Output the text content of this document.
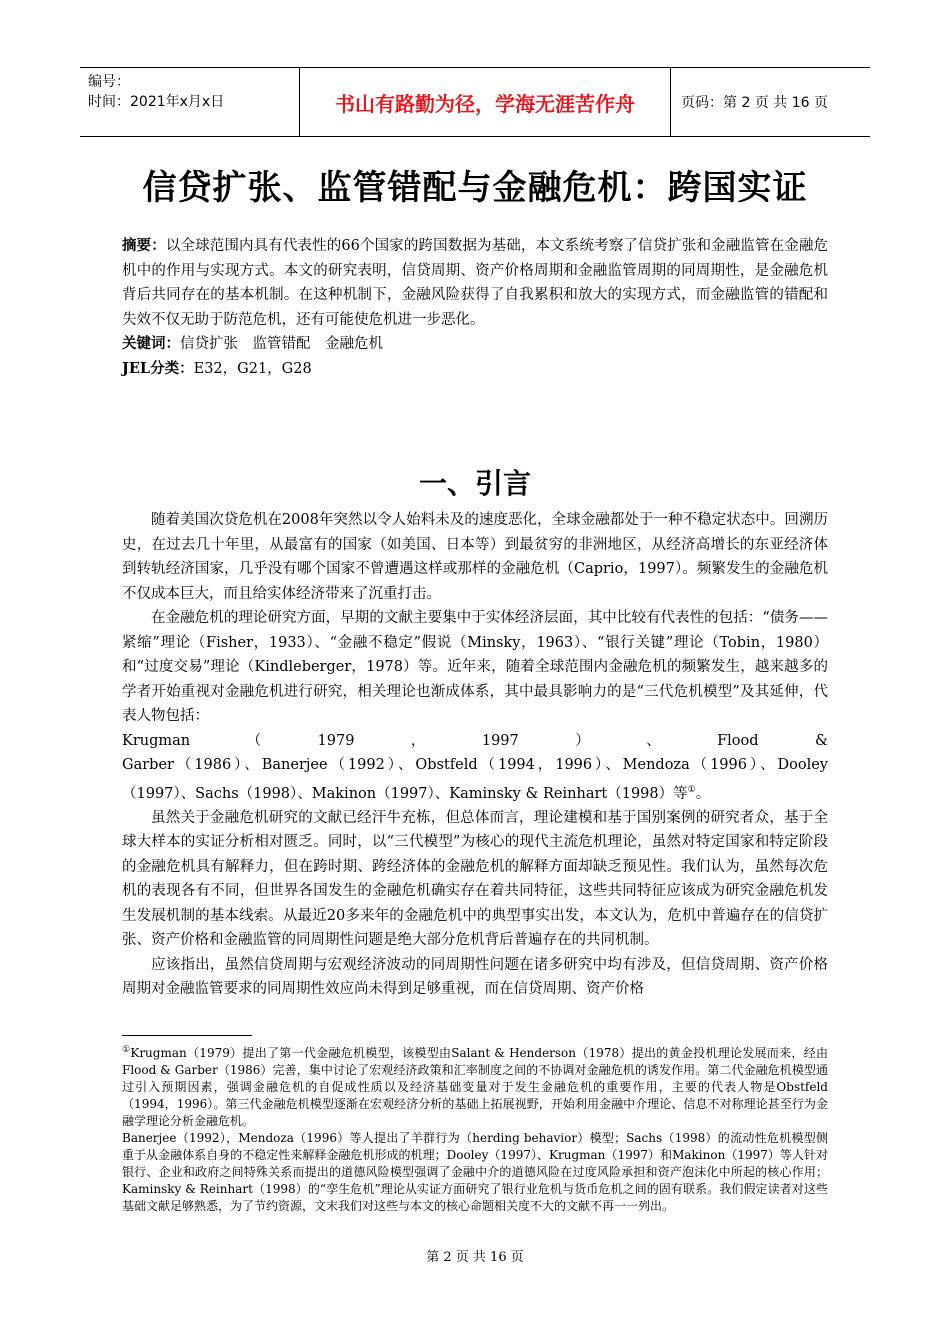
编号：
时间：2021年x月x日	书山有路勤为径，学海无涯苦作舟	页码：第 2 页 共 16 页
信贷扩张、监管错配与金融危机：跨国实证

摘要：以全球范围内具有代表性的66个国家的跨国数据为基础，本文系统考察了信贷扩张和金融监管在金融危机中的作用与实现方式。本文的研究表明，信贷周期、资产价格周期和金融监管周期的同周期性，是金融危机背后共同存在的基本机制。在这种机制下，金融风险获得了自我累积和放大的实现方式，而金融监管的错配和失效不仅无助于防范危机，还有可能使危机进一步恶化。

关键词：信贷扩张　监管错配　金融危机

JEL分类：E32，G21，G28

一、引言

随着美国次贷危机在2008年突然以令人始料未及的速度恶化，全球金融都处于一种不稳定状态中。回溯历史，在过去几十年里，从最富有的国家（如美国、日本等）到最贫穷的非洲地区，从经济高增长的东亚经济体到转轨经济国家，几乎没有哪个国家不曾遭遇这样或那样的金融危机（Caprio，1997）。频繁发生的金融危机不仅成本巨大，而且给实体经济带来了沉重打击。

在金融危机的理论研究方面，早期的文献主要集中于实体经济层面，其中比较有代表性的包括：“债务——紧缩”理论（Fisher，1933）、“金融不稳定”假说（Minsky，1963）、“银行关键”理论（Tobin，1980）和“过度交易”理论（Kindleberger，1978）等。近年来，随着全球范围内金融危机的频繁发生，越来越多的学者开始重视对金融危机进行研究，相关理论也渐成体系，其中最具影响力的是“三代危机模型”及其延伸，代表人物包括：

Krugman	（	1979	，	1997	）	、	Flood	&

Garber（1986）、Banerjee（1992）、Obstfeld（1994，1996）、Mendoza（1996）、Dooley（1997）、Sachs（1998）、Makinon（1997）、Kaminsky & Reinhart（1998）等①。

虽然关于金融危机研究的文献已经汗牛充栋，但总体而言，理论建模和基于国别案例的研究者众，基于全球大样本的实证分析相对匮乏。同时，以“三代模型”为核心的现代主流危机理论，虽然对特定国家和特定阶段的金融危机具有解释力，但在跨时期、跨经济体的金融危机的解释方面却缺乏预见性。我们认为，虽然每次危机的表现各有不同，但世界各国发生的金融危机确实存在着共同特征，这些共同特征应该成为研究金融危机发生发展机制的基本线索。从最近20多来年的金融危机中的典型事实出发，本文认为，危机中普遍存在的信贷扩张、资产价格和金融监管的同周期性问题是绝大部分危机背后普遍存在的共同机制。

应该指出，虽然信贷周期与宏观经济波动的同周期性问题在诸多研究中均有涉及，但信贷周期、资产价格周期对金融监管要求的同周期性效应尚未得到足够重视，而在信贷周期、资产价格

①Krugman（1979）提出了第一代金融危机模型，该模型由Salant & Henderson（1978）提出的黄金投机理论发展而来，经由Flood & Garber（1986）完善，集中讨论了宏观经济政策和汇率制度之间的不协调对金融危机的诱发作用。第二代金融危机模型通过引入预期因素，强调金融危机的自促成性质以及经济基础变量对于发生金融危机的重要作用，主要的代表人物是Obstfeld（1994，1996）。第三代金融危机模型逐渐在宏观经济分析的基础上拓展视野，开始利用金融中介理论、信息不对称理论甚至行为金融学理论分析金融危机。

Banerjee（1992），Mendoza（1996）等人提出了羊群行为（herding behavior）模型；Sachs（1998）的流动性危机模型侧重于从金融体系自身的不稳定性来解释金融危机形成的机理；Dooley（1997）、Krugman（1997）和Makinon（1997）等人针对银行、企业和政府之间特殊关系而提出的道德风险模型强调了金融中介的道德风险在过度风险承担和资产泡沫化中所起的核心作用；Kaminsky & Reinhart（1998）的“孪生危机”理论从实证方面研究了银行业危机与货币危机之间的固有联系。我们假定读者对这些基础文献足够熟悉，为了节约资源，文末我们对这些与本文的核心命题相关度不大的文献不再一一列出。

第 2 页 共 16 页
